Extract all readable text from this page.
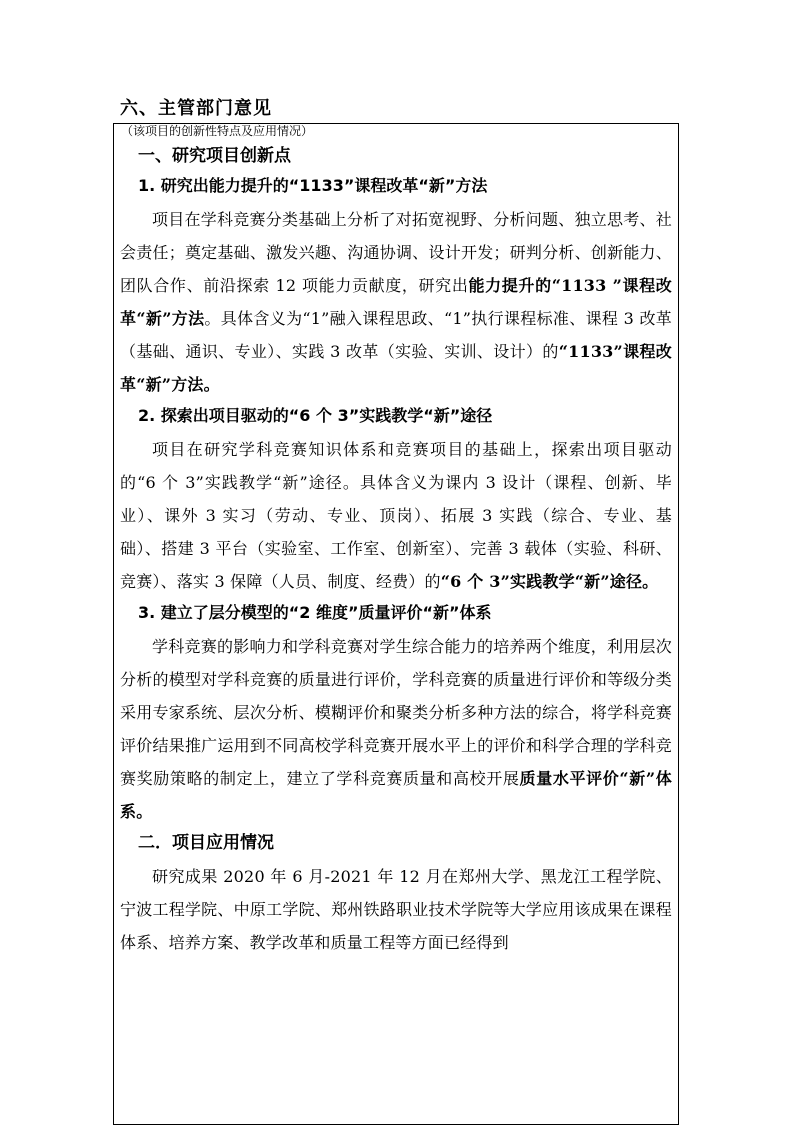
六、主管部门意见
（该项目的创新性特点及应用情况）
一、研究项目创新点
1. 研究出能力提升的“1133”课程改革“新”方法

项目在学科竞赛分类基础上分析了对拓宽视野、分析问题、独立思考、社会责任；奠定基础、激发兴趣、沟通协调、设计开发；研判分析、创新能力、团队合作、前沿探索 12 项能力贡献度，研究出能力提升的“1133 ”课程改革“新”方法。具体含义为“1”融入课程思政、“1”执行课程标准、课程 3 改革（基础、通识、专业）、实践 3 改革（实验、实训、设计）的“1133”课程改革“新”方法。

2. 探索出项目驱动的“6 个 3”实践教学“新”途径

项目在研究学科竞赛知识体系和竞赛项目的基础上，探索出项目驱动的“6 个 3”实践教学“新”途径。具体含义为课内 3 设计（课程、创新、毕业）、课外 3 实习（劳动、专业、顶岗）、拓展 3 实践（综合、专业、基础）、搭建 3 平台（实验室、工作室、创新室）、完善 3 载体（实验、科研、竞赛）、落实 3 保障（人员、制度、经费）的“6 个 3”实践教学“新”途径。

3. 建立了层分模型的“2 维度”质量评价“新”体系

学科竞赛的影响力和学科竞赛对学生综合能力的培养两个维度，利用层次分析的模型对学科竞赛的质量进行评价，学科竞赛的质量进行评价和等级分类采用专家系统、层次分析、模糊评价和聚类分析多种方法的综合，将学科竞赛评价结果推广运用到不同高校学科竞赛开展水平上的评价和科学合理的学科竞赛奖励策略的制定上，建立了学科竞赛质量和高校开展质量水平评价“新”体系。

二．项目应用情况

研究成果 2020 年 6 月-2021 年 12 月在郑州大学、黑龙江工程学院、宁波工程学院、中原工学院、郑州铁路职业技术学院等大学应用该成果在课程体系、培养方案、教学改革和质量工程等方面已经得到
